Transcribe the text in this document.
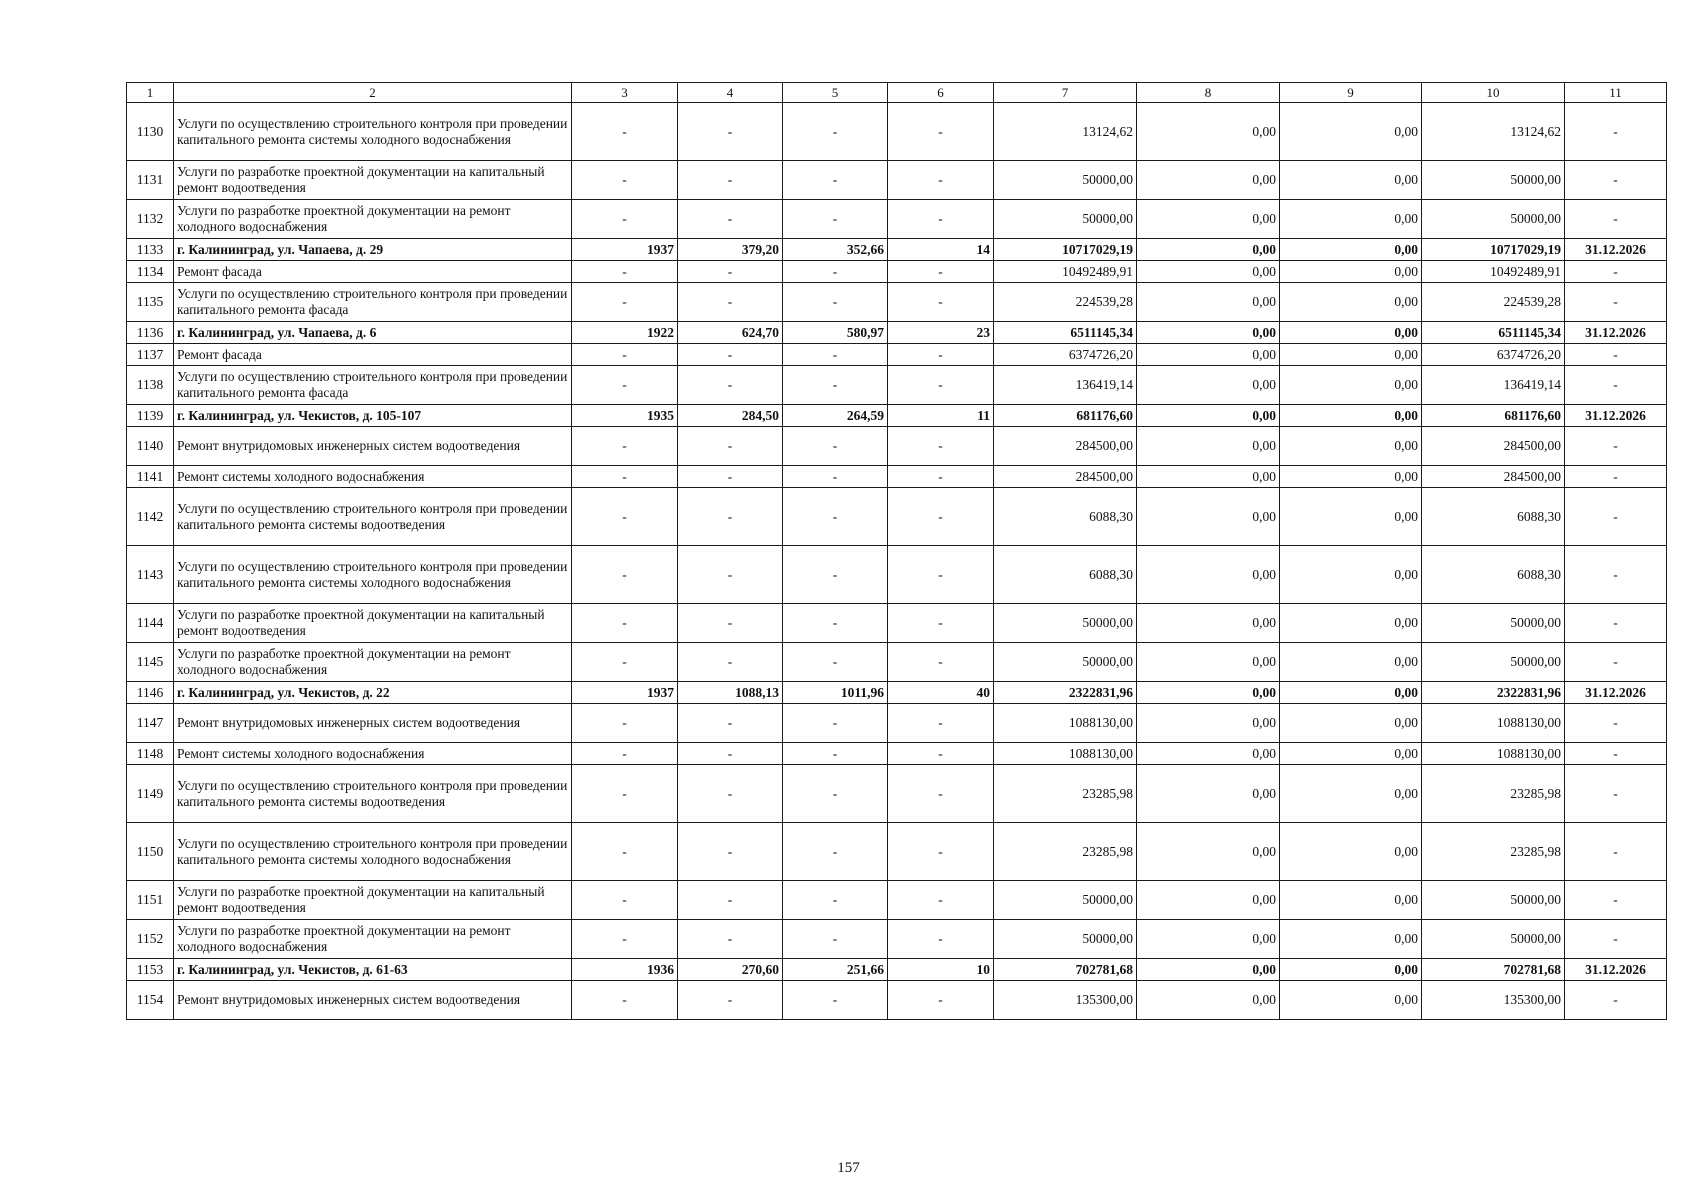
1	2	3	4	5	6	7	8	9	10	11
1130	Услуги по осуществлению строительного контроля при проведении капитального ремонта системы холодного водоснабжения	-	-	-	-	13124,62	0,00	0,00	13124,62	-
1131	Услуги по разработке проектной документации на капитальный ремонт водоотведения	-	-	-	-	50000,00	0,00	0,00	50000,00	-
1132	Услуги по разработке проектной документации на ремонт холодного водоснабжения	-	-	-	-	50000,00	0,00	0,00	50000,00	-
1133	г. Калининград, ул. Чапаева, д. 29	1937	379,20	352,66	14	10717029,19	0,00	0,00	10717029,19	31.12.2026
1134	Ремонт фасада	-	-	-	-	10492489,91	0,00	0,00	10492489,91	-
1135	Услуги по осуществлению строительного контроля при проведении капитального ремонта фасада	-	-	-	-	224539,28	0,00	0,00	224539,28	-
1136	г. Калининград, ул. Чапаева, д. 6	1922	624,70	580,97	23	6511145,34	0,00	0,00	6511145,34	31.12.2026
1137	Ремонт фасада	-	-	-	-	6374726,20	0,00	0,00	6374726,20	-
1138	Услуги по осуществлению строительного контроля при проведении капитального ремонта фасада	-	-	-	-	136419,14	0,00	0,00	136419,14	-
1139	г. Калининград, ул. Чекистов, д. 105-107	1935	284,50	264,59	11	681176,60	0,00	0,00	681176,60	31.12.2026
1140	Ремонт внутридомовых инженерных систем водоотведения	-	-	-	-	284500,00	0,00	0,00	284500,00	-
1141	Ремонт системы холодного водоснабжения	-	-	-	-	284500,00	0,00	0,00	284500,00	-
1142	Услуги по осуществлению строительного контроля при проведении капитального ремонта системы водоотведения	-	-	-	-	6088,30	0,00	0,00	6088,30	-
1143	Услуги по осуществлению строительного контроля при проведении капитального ремонта системы холодного водоснабжения	-	-	-	-	6088,30	0,00	0,00	6088,30	-
1144	Услуги по разработке проектной документации на капитальный ремонт водоотведения	-	-	-	-	50000,00	0,00	0,00	50000,00	-
1145	Услуги по разработке проектной документации на ремонт холодного водоснабжения	-	-	-	-	50000,00	0,00	0,00	50000,00	-
1146	г. Калининград, ул. Чекистов, д. 22	1937	1088,13	1011,96	40	2322831,96	0,00	0,00	2322831,96	31.12.2026
1147	Ремонт внутридомовых инженерных систем водоотведения	-	-	-	-	1088130,00	0,00	0,00	1088130,00	-
1148	Ремонт системы холодного водоснабжения	-	-	-	-	1088130,00	0,00	0,00	1088130,00	-
1149	Услуги по осуществлению строительного контроля при проведении капитального ремонта системы водоотведения	-	-	-	-	23285,98	0,00	0,00	23285,98	-
1150	Услуги по осуществлению строительного контроля при проведении капитального ремонта системы холодного водоснабжения	-	-	-	-	23285,98	0,00	0,00	23285,98	-
1151	Услуги по разработке проектной документации на капитальный ремонт водоотведения	-	-	-	-	50000,00	0,00	0,00	50000,00	-
1152	Услуги по разработке проектной документации на ремонт холодного водоснабжения	-	-	-	-	50000,00	0,00	0,00	50000,00	-
1153	г. Калининград, ул. Чекистов, д. 61-63	1936	270,60	251,66	10	702781,68	0,00	0,00	702781,68	31.12.2026
1154	Ремонт внутридомовых инженерных систем водоотведения	-	-	-	-	135300,00	0,00	0,00	135300,00	-
157
